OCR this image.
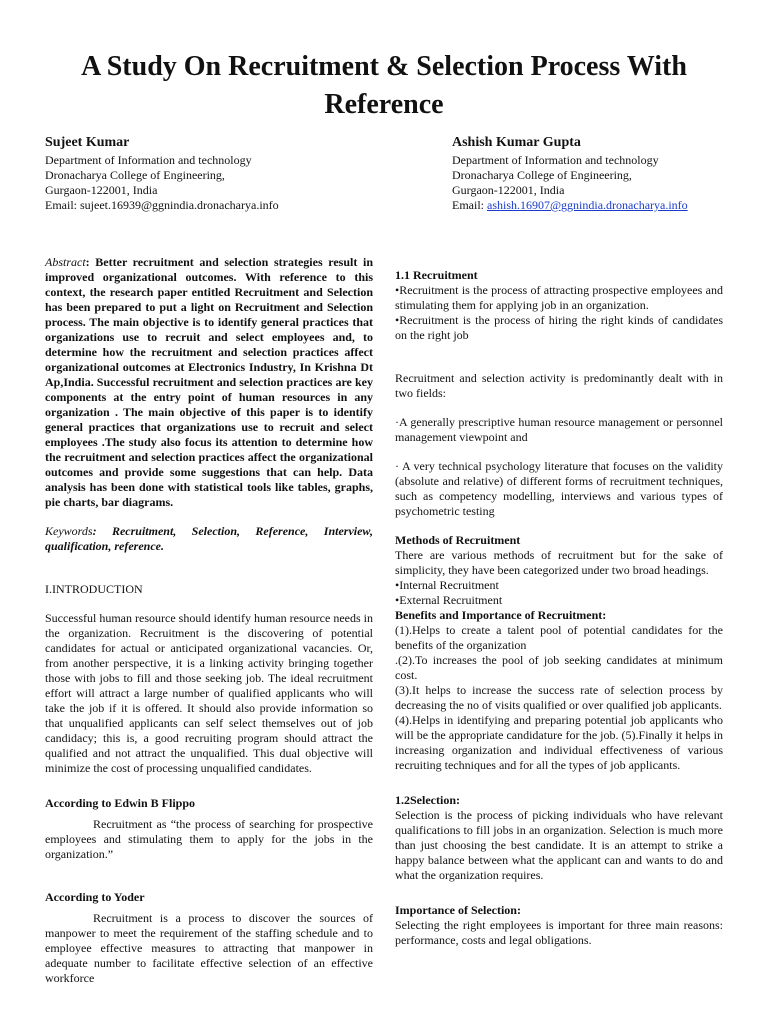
A Study On Recruitment & Selection Process With Reference
Sujeet Kumar
Department of Information and technology
Dronacharya College of Engineering,
Gurgaon-122001, India
Email: sujeet.16939@ggnindia.dronacharya.info
Ashish Kumar Gupta
Department of Information and technology
Dronacharya College of Engineering,
Gurgaon-122001, India
Email: ashish.16907@ggnindia.dronacharya.info

Abstract: Better recruitment and selection strategies result in improved organizational outcomes. With reference to this context, the research paper entitled Recruitment and Selection has been prepared to put a light on Recruitment and Selection process. The main objective is to identify general practices that organizations use to recruit and select employees and, to determine how the recruitment and selection practices affect organizational outcomes at Electronics Industry, In Krishna Dt Ap,India. Successful recruitment and selection practices are key components at the entry point of human resources in any organization . The main objective of this paper is to identify general practices that organizations use to recruit and select employees .The study also focus its attention to determine how the recruitment and selection practices affect the organizational outcomes and provide some suggestions that can help. Data analysis has been done with statistical tools like tables, graphs, pie charts, bar diagrams.

Keywords: Recruitment, Selection, Reference, Interview, qualification, reference.

I.INTRODUCTION

Successful human resource should identify human resource needs in the organization. Recruitment is the discovering of potential candidates for actual or anticipated organizational vacancies. Or, from another perspective, it is a linking activity bringing together those with jobs to fill and those seeking job. The ideal recruitment effort will attract a large number of qualified applicants who will take the job if it is offered. It should also provide information so that unqualified applicants can self select themselves out of job candidacy; this is, a good recruiting program should attract the qualified and not attract the unqualified. This dual objective will minimize the cost of processing unqualified candidates.

According to Edwin B Flippo

Recruitment as “the process of searching for prospective employees and stimulating them to apply for the jobs in the organization.”

According to Yoder

Recruitment is a process to discover the sources of manpower to meet the requirement of the staffing schedule and to employee effective measures to attracting that manpower in adequate number to facilitate effective selection of an effective workforce

1.1 Recruitment

•Recruitment is the process of attracting prospective employees and stimulating them for applying job in an organization.

•Recruitment is the process of hiring the right kinds of candidates on the right job

Recruitment and selection activity is predominantly dealt with in two fields:

·A generally prescriptive human resource management or personnel management viewpoint and

· A very technical psychology literature that focuses on the validity (absolute and relative) of different forms of recruitment techniques, such as competency modelling, interviews and various types of psychometric testing

Methods of Recruitment

There are various methods of recruitment but for the sake of simplicity, they have been categorized under two broad headings.

•Internal Recruitment

•External Recruitment

Benefits and Importance of Recruitment:

(1).Helps to create a talent pool of potential candidates for the benefits of the organization

.(2).To increases the pool of job seeking candidates at minimum cost.

(3).It helps to increase the success rate of selection process by decreasing the no of visits qualified or over qualified job applicants.

(4).Helps in identifying and preparing potential job applicants who will be the appropriate candidature for the job. (5).Finally it helps in increasing organization and individual effectiveness of various recruiting techniques and for all the types of job applicants.

1.2Selection:

Selection is the process of picking individuals who have relevant qualifications to fill jobs in an organization. Selection is much more than just choosing the best candidate. It is an attempt to strike a happy balance between what the applicant can and wants to do and what the organization requires.

Importance of Selection:

Selecting the right employees is important for three main reasons: performance, costs and legal obligations.
